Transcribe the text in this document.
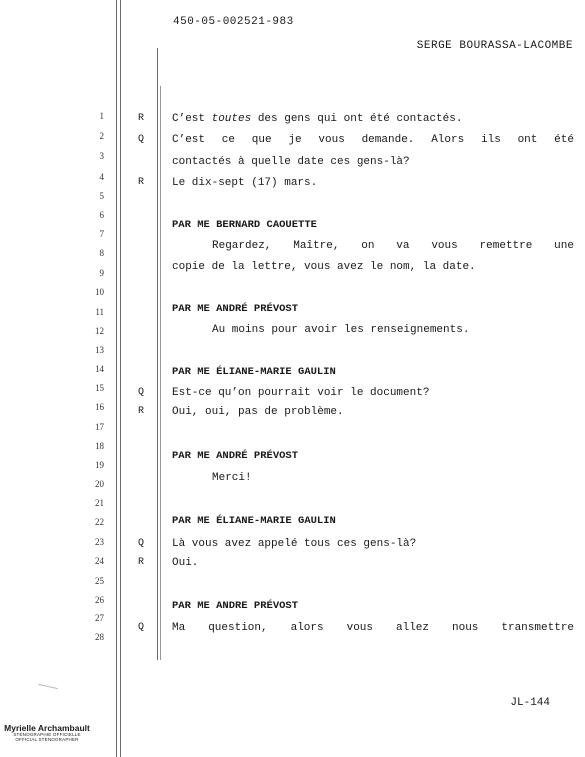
450-05-002521-983
SERGE BOURASSA-LACOMBE
1
2
3
4
5
6
7
8
9
10
11
12
13
14
15
16
17
18
19
20
21
22
23
24
25
26
27
28
R
Q
R
Q
R
Q
R
Q
C’est toutes des gens qui ont été contactés.
C’est ce que je vous demande. Alors ils ont été
contactés à quelle date ces gens-là?
Le dix-sept (17) mars.
PAR ME BERNARD CAOUETTE
Regardez, Maître, on va vous remettre une
copie de la lettre, vous avez le nom, la date.
PAR ME ANDRÉ PRÉVOST
Au moins pour avoir les renseignements.
PAR ME ÉLIANE-MARIE GAULIN
Est-ce qu’on pourrait voir le document?
Oui, oui, pas de problème.
PAR ME ANDRÉ PRÉVOST
Merci!
PAR ME ÉLIANE-MARIE GAULIN
Là vous avez appelé tous ces gens-là?
Oui.
PAR ME ANDRE PRÉVOST
Ma question, alors vous allez nous transmettre
JL-144
Myrielle Archambault
STÉNOGRAPHIE OFFICIELLE
OFFICIAL STENOGRAPHER
